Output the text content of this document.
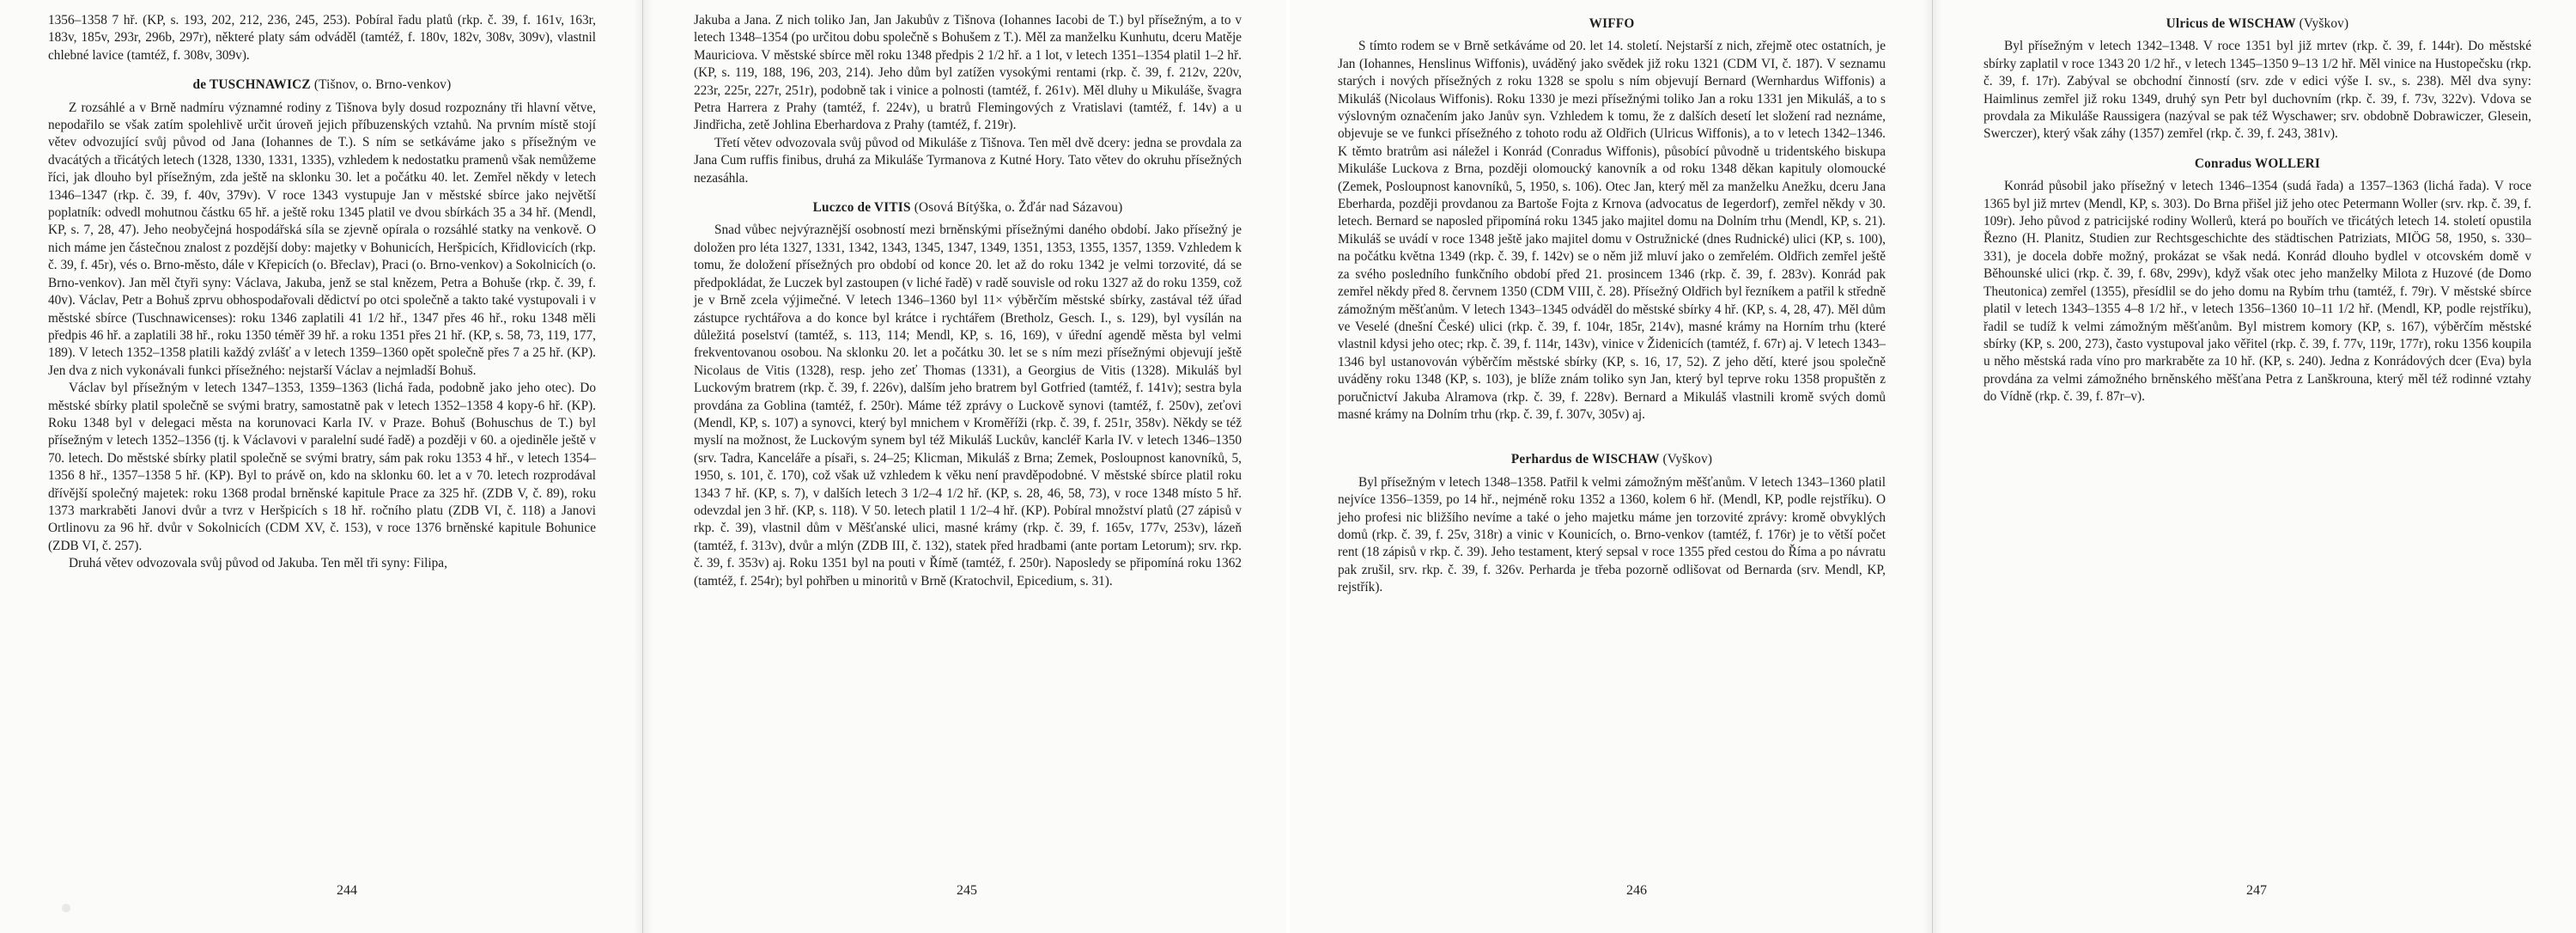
1356–1358 7 hř. (KP, s. 193, 202, 212, 236, 245, 253). Pobíral řadu platů (rkp. č. 39, f. 161v, 163r, 183v, 185v, 293r, 296b, 297r), některé platy sám odváděl (tamtéž, f. 180v, 182v, 308v, 309v), vlastnil chlebné lavice (tamtéž, f. 308v, 309v).

de TUSCHNAWICZ (Tišnov, o. Brno-venkov)

Z rozsáhlé a v Brně nadmíru významné rodiny z Tišnova byly dosud rozpoznány tři hlavní větve, nepodařilo se však zatím spolehlivě určit úroveň jejich příbuzenských vztahů. Na prvním místě stojí větev odvozující svůj původ od Jana (Iohannes de T.). S ním se setkáváme jako s přísežným ve dvacátých a třicátých letech (1328, 1330, 1331, 1335), vzhledem k nedostatku pramenů však nemůžeme říci, jak dlouho byl přísežným, zda ještě na sklonku 30. let a počátku 40. let. Zemřel někdy v letech 1346–1347 (rkp. č. 39, f. 40v, 379v). V roce 1343 vystupuje Jan v městské sbírce jako největší poplatník: odvedl mohutnou částku 65 hř. a ještě roku 1345 platil ve dvou sbírkách 35 a 34 hř. (Mendl, KP, s. 7, 28, 47). Jeho neobyčejná hospodářská síla se zjevně opírala o rozsáhlé statky na venkově. O nich máme jen částečnou znalost z pozdější doby: majetky v Bohunicích, Heršpicích, Křidlovicích (rkp. č. 39, f. 45r), vés o. Brno-město, dále v Křepicích (o. Břeclav), Praci (o. Brno-venkov) a Sokolnicích (o. Brno-venkov). Jan měl čtyři syny: Václava, Jakuba, jenž se stal knězem, Petra a Bohuše (rkp. č. 39, f. 40v). Václav, Petr a Bohuš zprvu obhospodařovali dědictví po otci společně a takto také vystupovali i v městské sbírce (Tuschnawicenses): roku 1346 zaplatili 41 1/2 hř., 1347 přes 46 hř., roku 1348 měli předpis 46 hř. a zaplatili 38 hř., roku 1350 téměř 39 hř. a roku 1351 přes 21 hř. (KP, s. 58, 73, 119, 177, 189). V letech 1352–1358 platili každý zvlášť a v letech 1359–1360 opět společně přes 7 a 25 hř. (KP). Jen dva z nich vykonávali funkci přísežného: nejstarší Václav a nejmladší Bohuš.

Václav byl přísežným v letech 1347–1353, 1359–1363 (lichá řada, podobně jako jeho otec). Do městské sbírky platil společně se svými bratry, samostatně pak v letech 1352–1358 4 kopy-6 hř. (KP). Roku 1348 byl v delegaci města na korunovaci Karla IV. v Praze. Bohuš (Bohuschus de T.) byl přísežným v letech 1352–1356 (tj. k Václavovi v paralelní sudé řadě) a později v 60. a ojediněle ještě v 70. letech. Do městské sbírky platil společně se svými bratry, sám pak roku 1353 4 hř., v letech 1354–1356 8 hř., 1357–1358 5 hř. (KP). Byl to právě on, kdo na sklonku 60. let a v 70. letech rozprodával dřívější společný majetek: roku 1368 prodal brněnské kapitule Prace za 325 hř. (ZDB V, č. 89), roku 1373 markraběti Janovi dvůr a tvrz v Heršpicích s 18 hř. ročního platu (ZDB VI, č. 118) a Janovi Ortlinovu za 96 hř. dvůr v Sokolnicích (CDM XV, č. 153), v roce 1376 brněnské kapitule Bohunice (ZDB VI, č. 257).

Druhá větev odvozovala svůj původ od Jakuba. Ten měl tři syny: Filipa,

244

Jakuba a Jana. Z nich toliko Jan, Jan Jakubův z Tišnova (Iohannes Iacobi de T.) byl přísežným, a to v letech 1348–1354 (po určitou dobu společně s Bohušem z T.). Měl za manželku Kunhutu, dceru Matěje Mauriciova. V městské sbírce měl roku 1348 předpis 2 1/2 hř. a 1 lot, v letech 1351–1354 platil 1–2 hř. (KP, s. 119, 188, 196, 203, 214). Jeho dům byl zatížen vysokými rentami (rkp. č. 39, f. 212v, 220v, 223r, 225r, 227r, 251r), podobně tak i vinice a polnosti (tamtéž, f. 261v). Měl dluhy u Mikuláše, švagra Petra Harrera z Prahy (tamtéž, f. 224v), u bratrů Flemingových z Vratislavi (tamtéž, f. 14v) a u Jindřicha, zetě Johlina Eberhardova z Prahy (tamtéž, f. 219r).

Třetí větev odvozovala svůj původ od Mikuláše z Tišnova. Ten měl dvě dcery: jedna se provdala za Jana Cum ruffis finibus, druhá za Mikuláše Tyrmanova z Kutné Hory. Tato větev do okruhu přísežných nezasáhla.

Luczco de VITIS (Osová Bítýška, o. Žďár nad Sázavou)

Snad vůbec nejvýraznější osobností mezi brněnskými přísežnými daného období. Jako přísežný je doložen pro léta 1327, 1331, 1342, 1343, 1345, 1347, 1349, 1351, 1353, 1355, 1357, 1359. Vzhledem k tomu, že doložení přísežných pro období od konce 20. let až do roku 1342 je velmi torzovité, dá se předpokládat, že Luczek byl zastoupen (v liché řadě) v radě souvisle od roku 1327 až do roku 1359, což je v Brně zcela výjimečné. V letech 1346–1360 byl 11× výběrčím městské sbírky, zastával též úřad zástupce rychtářova a do konce byl krátce i rychtářem (Bretholz, Gesch. I., s. 129), byl vysílán na důležitá poselství (tamtéž, s. 113, 114; Mendl, KP, s. 16, 169), v úřední agendě města byl velmi frekventovanou osobou. Na sklonku 20. let a počátku 30. let se s ním mezi přísežnými objevují ještě Nicolaus de Vitis (1328), resp. jeho zeť Thomas (1331), a Georgius de Vitis (1328). Mikuláš byl Luckovým bratrem (rkp. č. 39, f. 226v), dalším jeho bratrem byl Gotfried (tamtéž, f. 141v); sestra byla provdána za Goblina (tamtéž, f. 250r). Máme též zprávy o Luckově synovi (tamtéž, f. 250v), zeťovi (Mendl, KP, s. 107) a synovci, který byl mnichem v Kroměříži (rkp. č. 39, f. 251r, 358v). Někdy se též myslí na možnost, že Luckovým synem byl též Mikuláš Luckův, kancléř Karla IV. v letech 1346–1350 (srv. Tadra, Kanceláře a písaři, s. 24–25; Klicman, Mikuláš z Brna; Zemek, Posloupnost kanovníků, 5, 1950, s. 101, č. 170), což však už vzhledem k věku není pravděpodobné. V městské sbírce platil roku 1343 7 hř. (KP, s. 7), v dalších letech 3 1/2–4 1/2 hř. (KP, s. 28, 46, 58, 73), v roce 1348 místo 5 hř. odevzdal jen 3 hř. (KP, s. 118). V 50. letech platil 1 1/2–4 hř. (KP). Pobíral množství platů (27 zápisů v rkp. č. 39), vlastnil dům v Měšťanské ulici, masné krámy (rkp. č. 39, f. 165v, 177v, 253v), lázeň (tamtéž, f. 313v), dvůr a mlýn (ZDB III, č. 132), statek před hradbami (ante portam Letorum); srv. rkp. č. 39, f. 353v) aj. Roku 1351 byl na pouti v Římě (tamtéž, f. 250r). Naposledy se připomíná roku 1362 (tamtéž, f. 254r); byl pohřben u minoritů v Brně (Kratochvil, Epicedium, s. 31).

245
WIFFO

S tímto rodem se v Brně setkáváme od 20. let 14. století. Nejstarší z nich, zřejmě otec ostatních, je Jan (Iohannes, Henslinus Wiffonis), uváděný jako svědek již roku 1321 (CDM VI, č. 187). V seznamu starých i nových přísežných z roku 1328 se spolu s ním objevují Bernard (Wernhardus Wiffonis) a Mikuláš (Nicolaus Wiffonis). Roku 1330 je mezi přísežnými toliko Jan a roku 1331 jen Mikuláš, a to s výslovným označením jako Janův syn. Vzhledem k tomu, že z dalších desetí let složení rad neznáme, objevuje se ve funkci přísežného z tohoto rodu až Oldřich (Ulricus Wiffonis), a to v letech 1342–1346. K těmto bratrům asi náležel i Konrád (Conradus Wiffonis), působící původně u tridentského biskupa Mikuláše Luckova z Brna, později olomoucký kanovník a od roku 1348 děkan kapituly olomoucké (Zemek, Posloupnost kanovníků, 5, 1950, s. 106). Otec Jan, který měl za manželku Anežku, dceru Jana Eberharda, později provdanou za Bartoše Fojta z Krnova (advocatus de Iegerdorf), zemřel někdy v 30. letech. Bernard se naposled připomíná roku 1345 jako majitel domu na Dolním trhu (Mendl, KP, s. 21). Mikuláš se uvádí v roce 1348 ještě jako majitel domu v Ostružnické (dnes Rudnické) ulici (KP, s. 100), na počátku května 1349 (rkp. č. 39, f. 142v) se o něm již mluví jako o zemřelém. Oldřich zemřel ještě za svého posledního funkčního období před 21. prosincem 1346 (rkp. č. 39, f. 283v). Konrád pak zemřel někdy před 8. červnem 1350 (CDM VIII, č. 28). Přísežný Oldřich byl řezníkem a patřil k středně zámožným měšťanům. V letech 1343–1345 odváděl do městské sbírky 4 hř. (KP, s. 4, 28, 47). Měl dům ve Veselé (dnešní České) ulici (rkp. č. 39, f. 104r, 185r, 214v), masné krámy na Horním trhu (které vlastnil kdysi jeho otec; rkp. č. 39, f. 114r, 143v), vinice v Židenicích (tamtéž, f. 67r) aj. V letech 1343–1346 byl ustanovován výběrčím městské sbírky (KP, s. 16, 17, 52). Z jeho dětí, které jsou společně uváděny roku 1348 (KP, s. 103), je blíže znám toliko syn Jan, který byl teprve roku 1358 propuštěn z poručnictví Jakuba Alramova (rkp. č. 39, f. 228v). Bernard a Mikuláš vlastnili kromě svých domů masné krámy na Dolním trhu (rkp. č. 39, f. 307v, 305v) aj.

Perhardus de WISCHAW (Vyškov)

Byl přísežným v letech 1348–1358. Patřil k velmi zámožným měšťanům. V letech 1343–1360 platil nejvíce 1356–1359, po 14 hř., nejméně roku 1352 a 1360, kolem 6 hř. (Mendl, KP, podle rejstříku). O jeho profesi nic bližšího nevíme a také o jeho majetku máme jen torzovité zprávy: kromě obvyklých domů (rkp. č. 39, f. 25v, 318r) a vinic v Kounicích, o. Brno-venkov (tamtéž, f. 176r) je to větší počet rent (18 zápisů v rkp. č. 39). Jeho testament, který sepsal v roce 1355 před cestou do Říma a po návratu pak zrušil, srv. rkp. č. 39, f. 326v. Perharda je třeba pozorně odlišovat od Bernarda (srv. Mendl, KP, rejstřík).

246
Ulricus de WISCHAW (Vyškov)

Byl přísežným v letech 1342–1348. V roce 1351 byl již mrtev (rkp. č. 39, f. 144r). Do městské sbírky zaplatil v roce 1343 20 1/2 hř., v letech 1345–1350 9–13 1/2 hř. Měl vinice na Hustopečsku (rkp. č. 39, f. 17r). Zabýval se obchodní činností (srv. zde v edici výše I. sv., s. 238). Měl dva syny: Haimlinus zemřel již roku 1349, druhý syn Petr byl duchovním (rkp. č. 39, f. 73v, 322v). Vdova se provdala za Mikuláše Raussigera (nazýval se pak též Wyschawer; srv. obdobně Dobrawiczer, Glesein, Swerczer), který však záhy (1357) zemřel (rkp. č. 39, f. 243, 381v).

Conradus WOLLERI

Konrád působil jako přísežný v letech 1346–1354 (sudá řada) a 1357–1363 (lichá řada). V roce 1365 byl již mrtev (Mendl, KP, s. 303). Do Brna přišel již jeho otec Petermann Woller (srv. rkp. č. 39, f. 109r). Jeho původ z patricijské rodiny Wollerů, která po bouřích ve třicátých letech 14. století opustila Řezno (H. Planitz, Studien zur Rechtsgeschichte des städtischen Patriziats, MIÖG 58, 1950, s. 330–331), je docela dobře možný, prokázat se však nedá. Konrád dlouho bydlel v otcovském domě v Běhounské ulici (rkp. č. 39, f. 68v, 299v), když však otec jeho manželky Milota z Huzové (de Domo Theutonica) zemřel (1355), přesídlil se do jeho domu na Rybím trhu (tamtéž, f. 79r). V městské sbírce platil v letech 1343–1355 4–8 1/2 hř., v letech 1356–1360 10–11 1/2 hř. (Mendl, KP, podle rejstříku), řadil se tudíž k velmi zámožným měšťanům. Byl mistrem komory (KP, s. 167), výběrčím městské sbírky (KP, s. 200, 273), často vystupoval jako věřitel (rkp. č. 39, f. 77v, 119r, 177r), roku 1356 koupila u něho městská rada víno pro markraběte za 10 hř. (KP, s. 240). Jedna z Konrádových dcer (Eva) byla provdána za velmi zámožného brněnského měšťana Petra z Lanškrouna, který měl též rodinné vztahy do Vídně (rkp. č. 39, f. 87r–v).

247
